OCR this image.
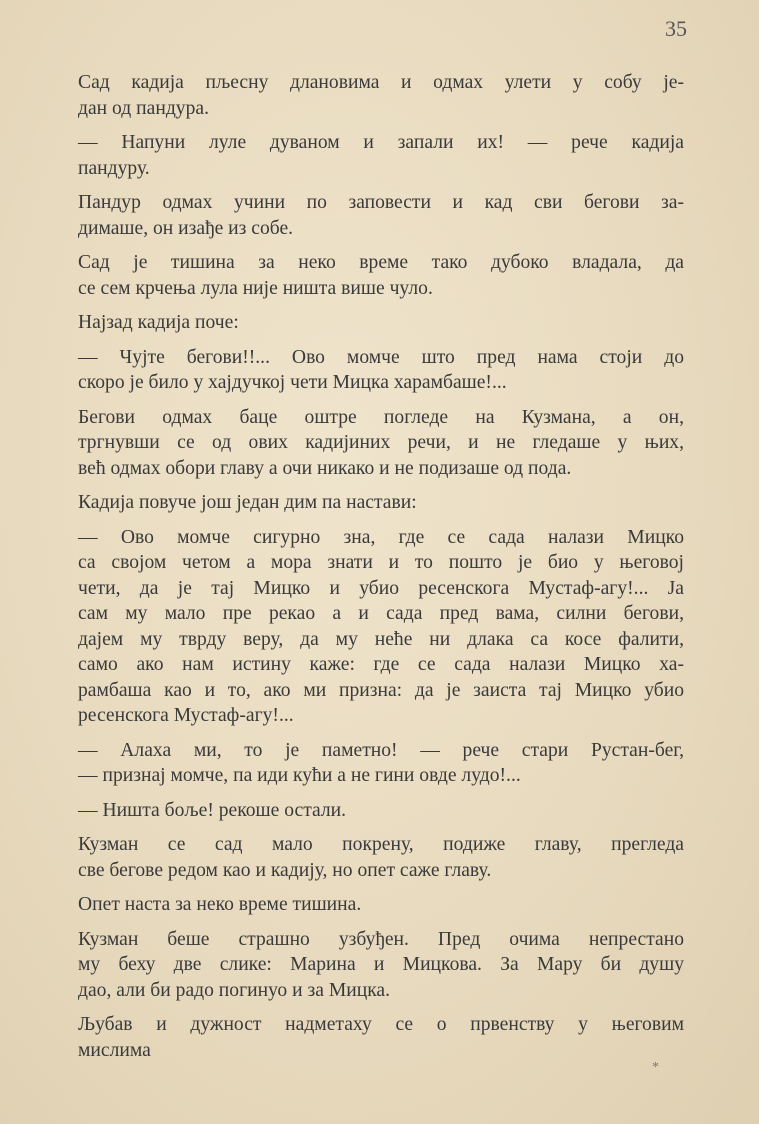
35

Сад кадија пљесну длановима и одмах улети у собу је-
дан од пандура.

— Напуни луле дуваном и запали их! — рече кадија
пандуру.

Пандур одмах учини по заповести и кад сви бегови за-
димаше, он изађе из собе.

Сад је тишина за неко време тако дубоко владала, да
се сем крчења лула није ништа више чуло.

Најзад кадија поче:

— Чујте бегови!!... Ово момче што пред нама стоји до
скоро је било у хајдучкој чети Мицка харамбаше!...

Бегови одмах баце оштре погледе на Кузмана, а он,
тргнувши се од ових кадијиних речи, и не гледаше у њих,
већ одмах обори главу а очи никако и не подизаше од пода.

Кадија повуче још један дим па настави:

— Ово момче сигурно зна, где се сада налази Мицко
са својом четом а мора знати и то пошто је био у његовој
чети, да је тај Мицко и убио ресенскога Мустаф-агу!... Ја
сам му мало пре рекао а и сада пред вама, силни бегови,
дајем му тврду веру, да му неће ни длака са косе фалити,
само ако нам истину каже: где се сада налази Мицко ха-
рамбаша као и то, ако ми призна: да је заиста тај Мицко убио
ресенскога Мустаф-агу!...

— Алаха ми, то је паметно! — рече стари Рустан-бег,
— признај момче, па иди кући а не гини овде лудо!...

— Ништа боље! рекоше остали.

Кузман се сад мало покрену, подиже главу, прегледа
све бегове редом као и кадију, но опет саже главу.

Опет наста за неко време тишина.

Кузман беше страшно узбуђен. Пред очима непрестано
му беху две слике: Марина и Мицкова. За Мару би душу
дао, али би радо погинуо и за Мицка.

Љубав и дужност надметаху се о првенству у његовим
мислима

*
